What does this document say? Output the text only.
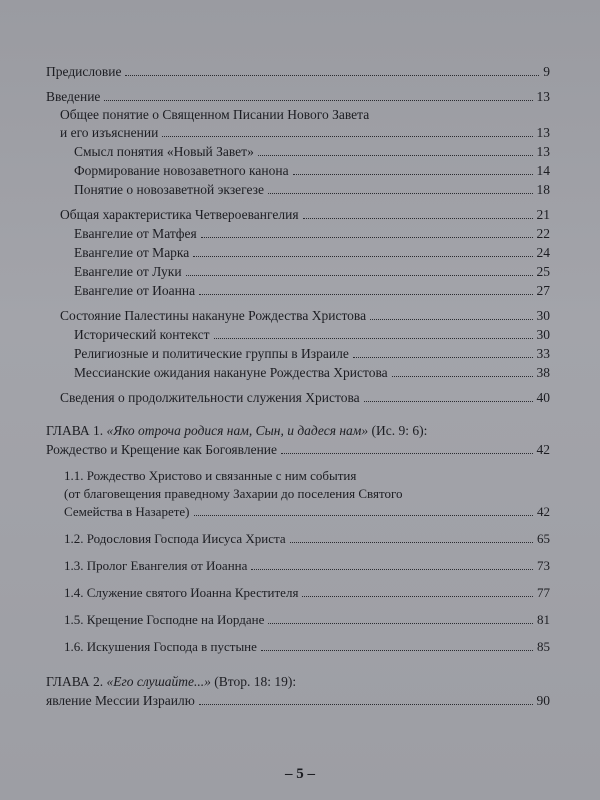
Предисловие	9
Введение	13
Общее понятие о Священном Писании Нового Завета
и его изъяснении	13
Смысл понятия «Новый Завет»	13
Формирование новозаветного канона	14
Понятие о новозаветной экзегезе	18
Общая характеристика Четвероевангелия	21
Евангелие от Матфея	22
Евангелие от Марка	24
Евангелие от Луки	25
Евангелие от Иоанна	27
Состояние Палестины накануне Рождества Христова	30
Исторический контекст	30
Религиозные и политические группы в Израиле	33
Мессианские ожидания накануне Рождества Христова	38
Сведения о продолжительности служения Христова	40
ГЛАВА 1. «Яко отроча родися нам, Сын, и дадеся нам» (Ис. 9: 6):
Рождество и Крещение как Богоявление	42
1.1. Рождество Христово и связанные с ним события
(от благовещения праведному Захарии до поселения Святого
Семейства в Назарете)	42
1.2. Родословия Господа Иисуса Христа	65
1.3. Пролог Евангелия от Иоанна	73
1.4. Служение святого Иоанна Крестителя	77
1.5. Крещение Господне на Иордане	81
1.6. Искушения Господа в пустыне	85
ГЛАВА 2. «Его слушайте...» (Втор. 18: 19):
явление Мессии Израилю	90
– 5 –
